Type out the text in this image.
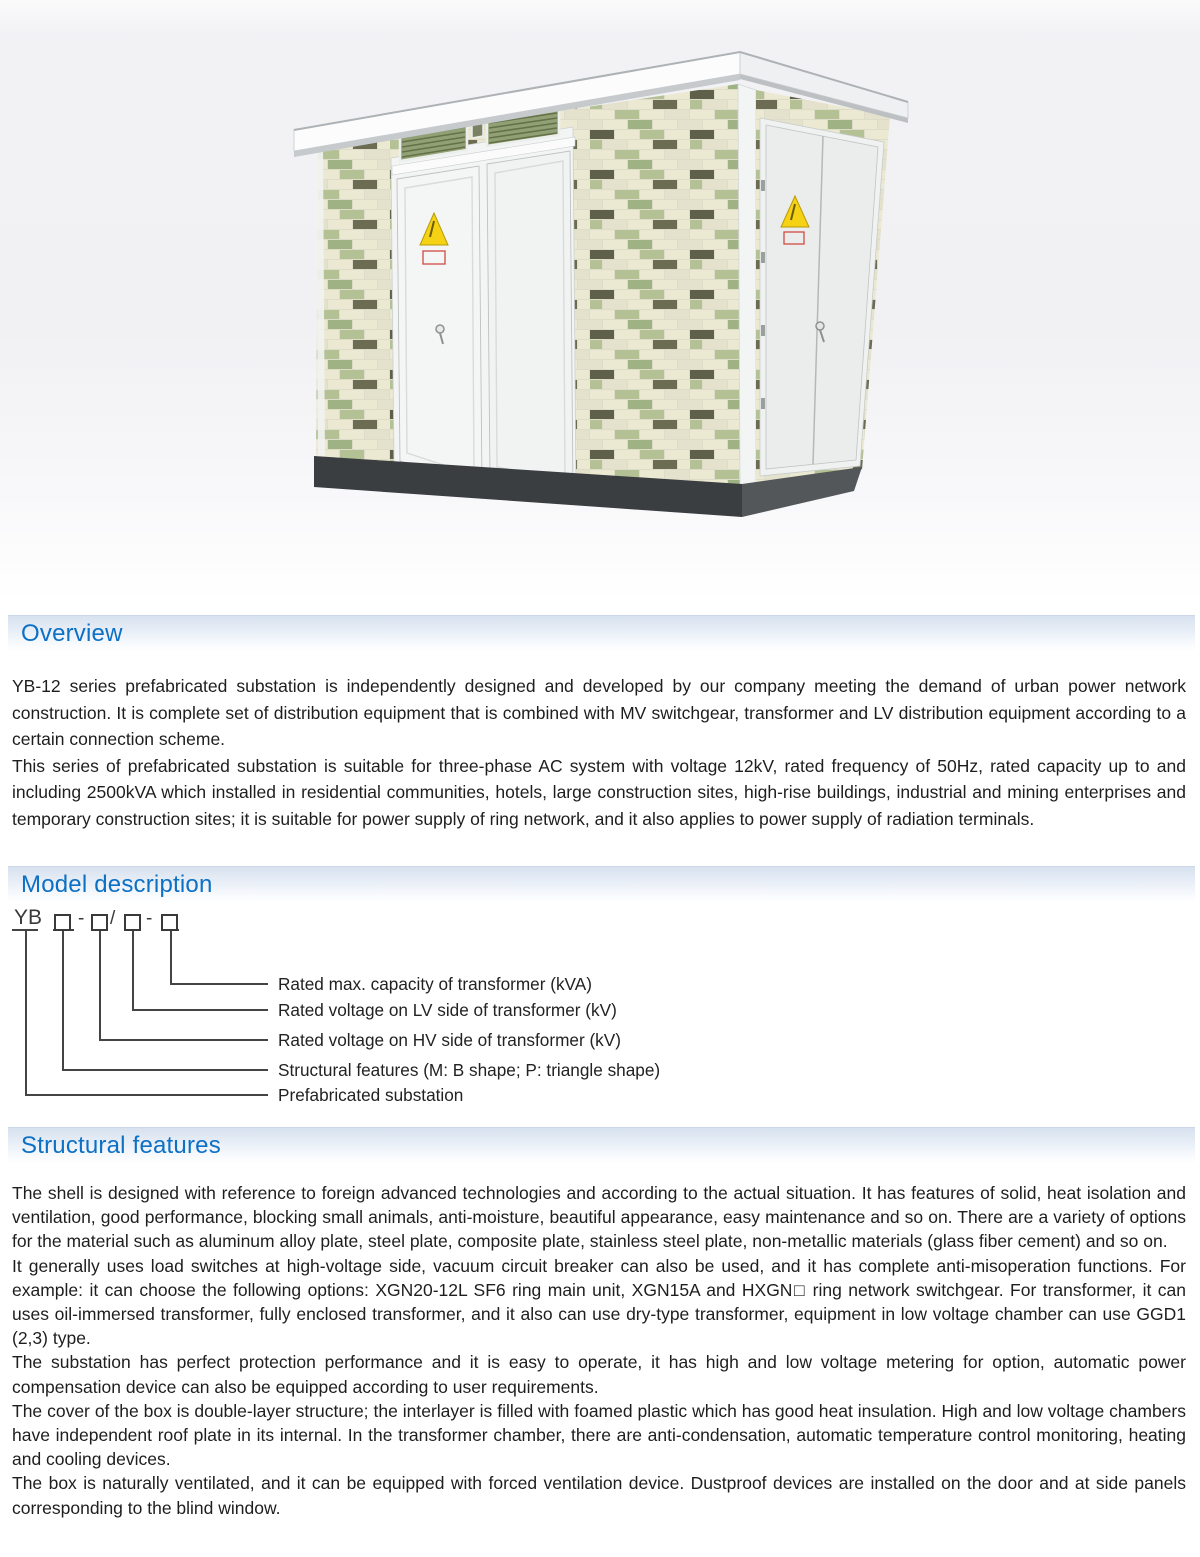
Overview

YB-12 series prefabricated substation is independently designed and developed by our company meeting the demand of urban power network construction. It is complete set of distribution equipment that is combined with MV switchgear, transformer and LV distribution equipment according to a certain connection scheme.

This series of prefabricated substation is suitable for three-phase AC system with voltage 12kV, rated frequency of 50Hz, rated capacity up to and including 2500kVA which installed in residential communities, hotels, large construction sites, high-rise buildings, industrial and mining enterprises and temporary construction sites; it is suitable for power supply of ring network, and it also applies to power supply of radiation terminals.

Model description
YB - / -
Rated max. capacity of transformer (kVA)
Rated voltage on LV side of transformer (kV)
Rated voltage on HV side of transformer (kV)
Structural features (M: B shape; P: triangle shape)
Prefabricated substation
Structural features

The shell is designed with reference to foreign advanced technologies and according to the actual situation. It has features of solid, heat isolation and ventilation, good performance, blocking small animals, anti-moisture, beautiful appearance, easy maintenance and so on. There are a variety of options for the material such as aluminum alloy plate, steel plate, composite plate, stainless steel plate, non-metallic materials (glass fiber cement) and so on.

It generally uses load switches at high-voltage side, vacuum circuit breaker can also be used, and it has complete anti-misoperation functions. For example: it can choose the following options: XGN20-12L SF6 ring main unit, XGN15A and HXGN□ ring network switchgear. For transformer, it can uses oil-immersed transformer, fully enclosed transformer, and it also can use dry-type transformer, equipment in low voltage chamber can use GGD1 (2,3) type.

The substation has perfect protection performance and it is easy to operate, it has high and low voltage metering for option, automatic power compensation device can also be equipped according to user requirements.

The cover of the box is double-layer structure; the interlayer is filled with foamed plastic which has good heat insulation. High and low voltage chambers have independent roof plate in its internal. In the transformer chamber, there are anti-condensation, automatic temperature control monitoring, heating and cooling devices.

The box is naturally ventilated, and it can be equipped with forced ventilation device. Dustproof devices are installed on the door and at side panels corresponding to the blind window.
